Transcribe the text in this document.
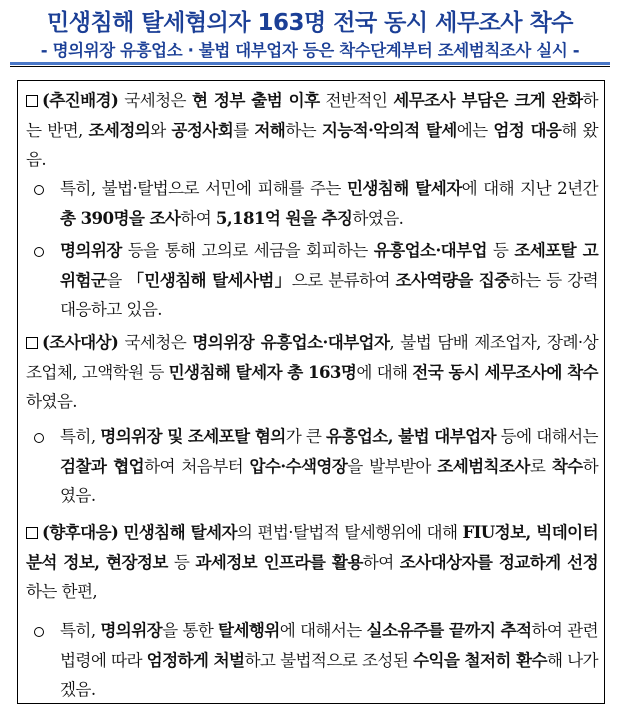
민생침해 탈세혐의자 163명 전국 동시 세무조사 착수
- 명의위장 유흥업소 · 불법 대부업자 등은 착수단계부터 조세범칙조사 실시 -
(추진배경) 국세청은 현 정부 출범 이후 전반적인 세무조사 부담은 크게 완화하는 반면, 조세정의와 공정사회를 저해하는 지능적·악의적 탈세에는 엄정 대응해 왔음.
특히, 불법·탈법으로 서민에 피해를 주는 민생침해 탈세자에 대해 지난 2년간 총 390명을 조사하여 5,181억 원을 추징하였음.
명의위장 등을 통해 고의로 세금을 회피하는 유흥업소·대부업 등 조세포탈 고위험군을 「민생침해 탈세사범」으로 분류하여 조사역량을 집중하는 등 강력 대응하고 있음.
(조사대상) 국세청은 명의위장 유흥업소·대부업자, 불법 담배 제조업자, 장례·상조업체, 고액학원 등 민생침해 탈세자 총 163명에 대해 전국 동시 세무조사에 착수하였음.
특히, 명의위장 및 조세포탈 혐의가 큰 유흥업소, 불법 대부업자 등에 대해서는 검찰과 협업하여 처음부터 압수·수색영장을 발부받아 조세범칙조사로 착수하였음.
(향후대응) 민생침해 탈세자의 편법·탈법적 탈세행위에 대해 FIU정보, 빅데이터 분석 정보, 현장정보 등 과세정보 인프라를 활용하여 조사대상자를 정교하게 선정하는 한편,
특히, 명의위장을 통한 탈세행위에 대해서는 실소유주를 끝까지 추적하여 관련법령에 따라 엄정하게 처벌하고 불법적으로 조성된 수익을 철저히 환수해 나가겠음.
